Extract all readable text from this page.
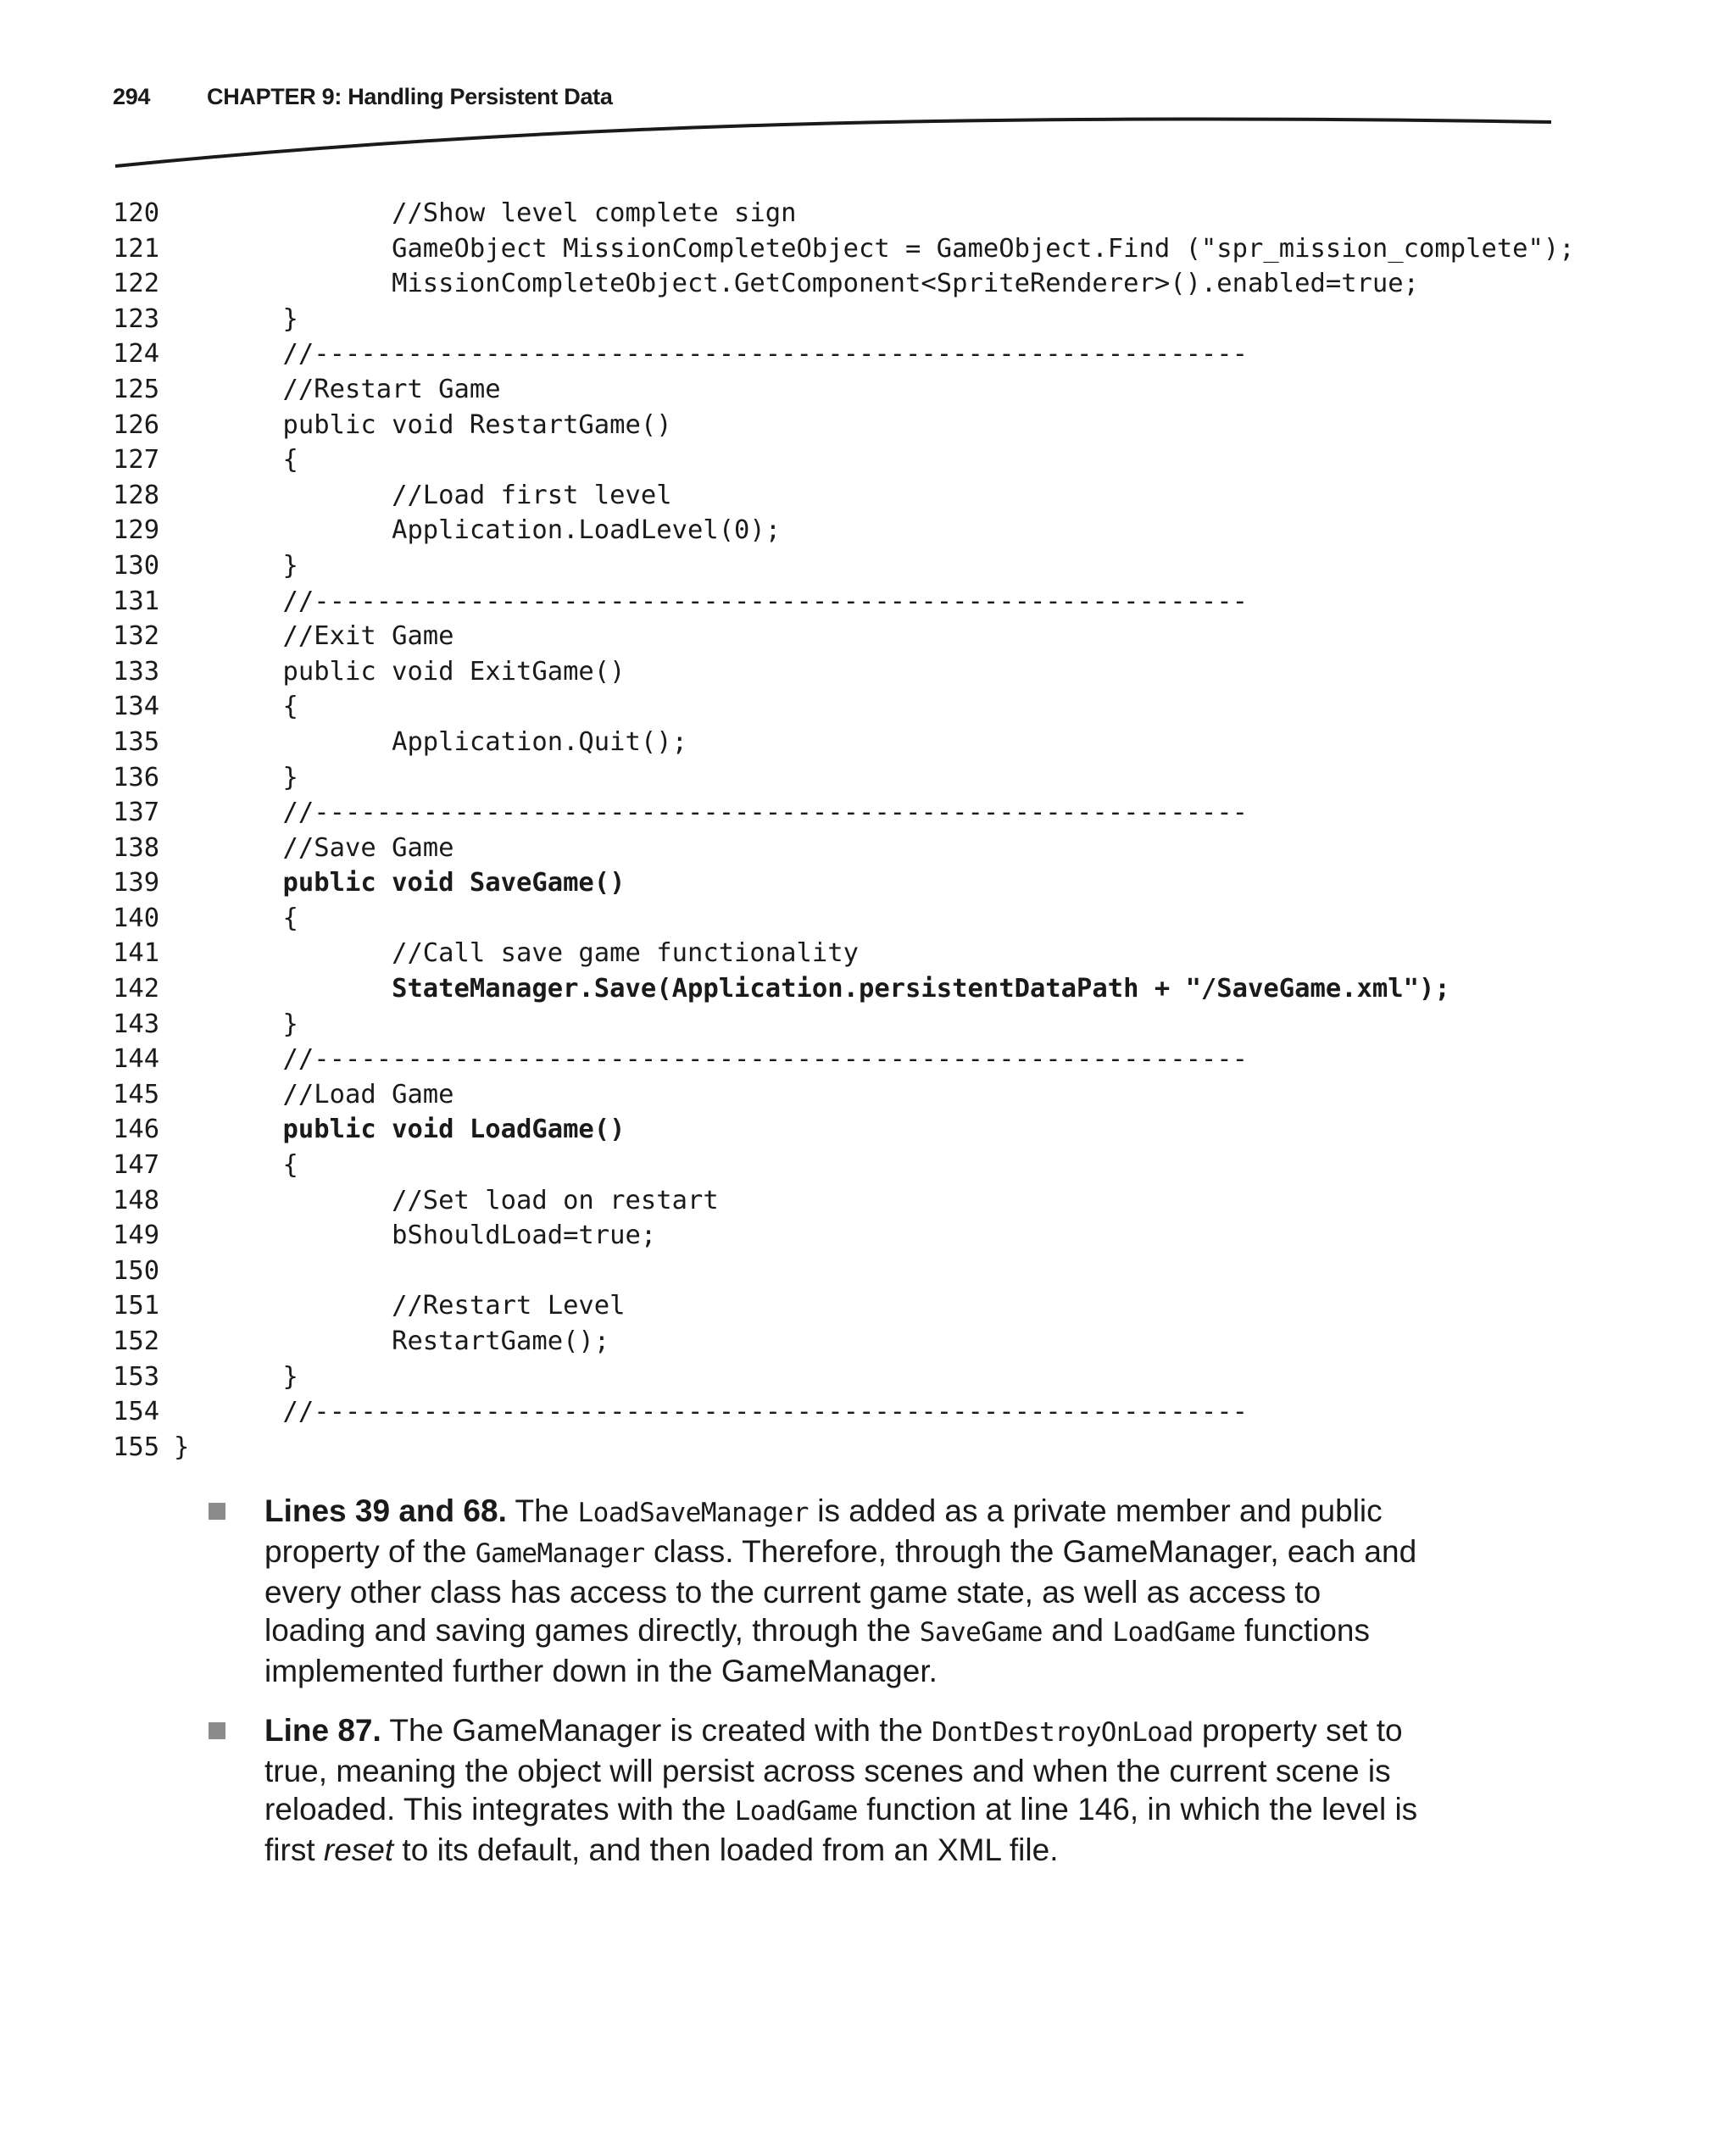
294	CHAPTER 9: Handling Persistent Data
120 //Show level complete sign
121 GameObject MissionCompleteObject = GameObject.Find ("spr_mission_complete");
122 MissionCompleteObject.GetComponent<SpriteRenderer>().enabled=true;
123 }
124 //------------------------------------------------------------
125 //Restart Game
126 public void RestartGame()
127 {
128 //Load first level
129 Application.LoadLevel(0);
130 }
131 //------------------------------------------------------------
132 //Exit Game
133 public void ExitGame()
134 {
135 Application.Quit();
136 }
137 //------------------------------------------------------------
138 //Save Game
139 public void SaveGame()
140 {
141 //Call save game functionality
142 StateManager.Save(Application.persistentDataPath + "/SaveGame.xml");
143 }
144 //------------------------------------------------------------
145 //Load Game
146 public void LoadGame()
147 {
148 //Set load on restart
149 bShouldLoad=true;
150
151 //Restart Level
152 RestartGame();
153 }
154 //------------------------------------------------------------
155 }
Lines 39 and 68. The LoadSaveManager is added as a private member and public property of the GameManager class. Therefore, through the GameManager, each and every other class has access to the current game state, as well as access to loading and saving games directly, through the SaveGame and LoadGame functions implemented further down in the GameManager.
Line 87. The GameManager is created with the DontDestroyOnLoad property set to true, meaning the object will persist across scenes and when the current scene is reloaded. This integrates with the LoadGame function at line 146, in which the level is first reset to its default, and then loaded from an XML file.
